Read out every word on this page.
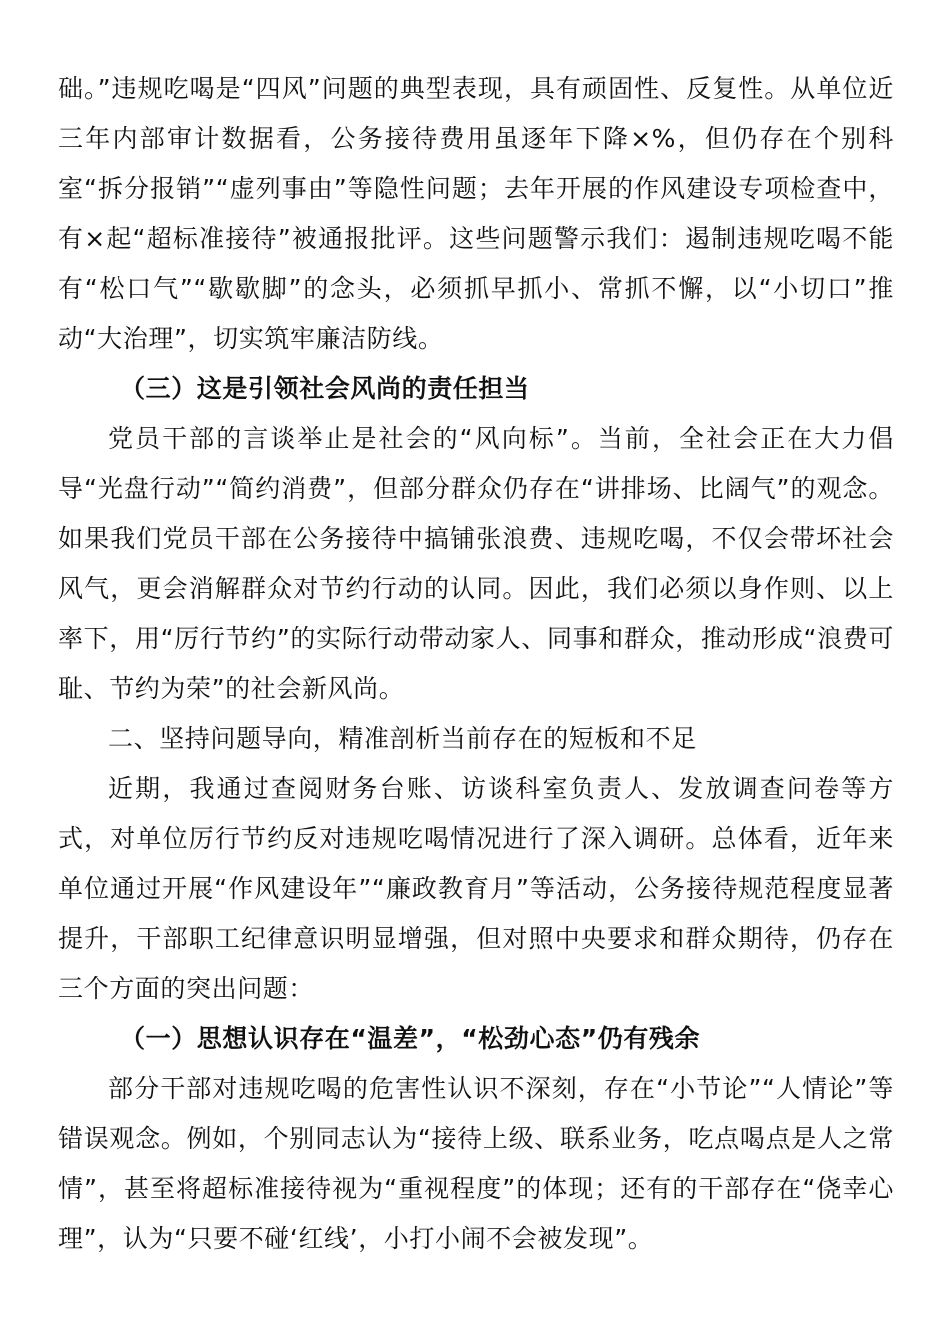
础。”违规吃喝是“四风”问题的典型表现，具有顽固性、反复性。从单位近三年内部审计数据看，公务接待费用虽逐年下降×%，但仍存在个别科室“拆分报销”“虚列事由”等隐性问题；去年开展的作风建设专项检查中，有×起“超标准接待”被通报批评。这些问题警示我们：遏制违规吃喝不能有“松口气”“歇歇脚”的念头，必须抓早抓小、常抓不懈，以“小切口”推动“大治理”，切实筑牢廉洁防线。

（三）这是引领社会风尚的责任担当

党员干部的言谈举止是社会的“风向标”。当前，全社会正在大力倡导“光盘行动”“简约消费”，但部分群众仍存在“讲排场、比阔气”的观念。如果我们党员干部在公务接待中搞铺张浪费、违规吃喝，不仅会带坏社会风气，更会消解群众对节约行动的认同。因此，我们必须以身作则、以上率下，用“厉行节约”的实际行动带动家人、同事和群众，推动形成“浪费可耻、节约为荣”的社会新风尚。

二、坚持问题导向，精准剖析当前存在的短板和不足

近期，我通过查阅财务台账、访谈科室负责人、发放调查问卷等方式，对单位厉行节约反对违规吃喝情况进行了深入调研。总体看，近年来单位通过开展“作风建设年”“廉政教育月”等活动，公务接待规范程度显著提升，干部职工纪律意识明显增强，但对照中央要求和群众期待，仍存在三个方面的突出问题：

（一）思想认识存在“温差”，“松劲心态”仍有残余

部分干部对违规吃喝的危害性认识不深刻，存在“小节论”“人情论”等错误观念。例如，个别同志认为“接待上级、联系业务，吃点喝点是人之常情”，甚至将超标准接待视为“重视程度”的体现；还有的干部存在“侥幸心理”，认为“只要不碰‘红线’，小打小闹不会被发现”。
